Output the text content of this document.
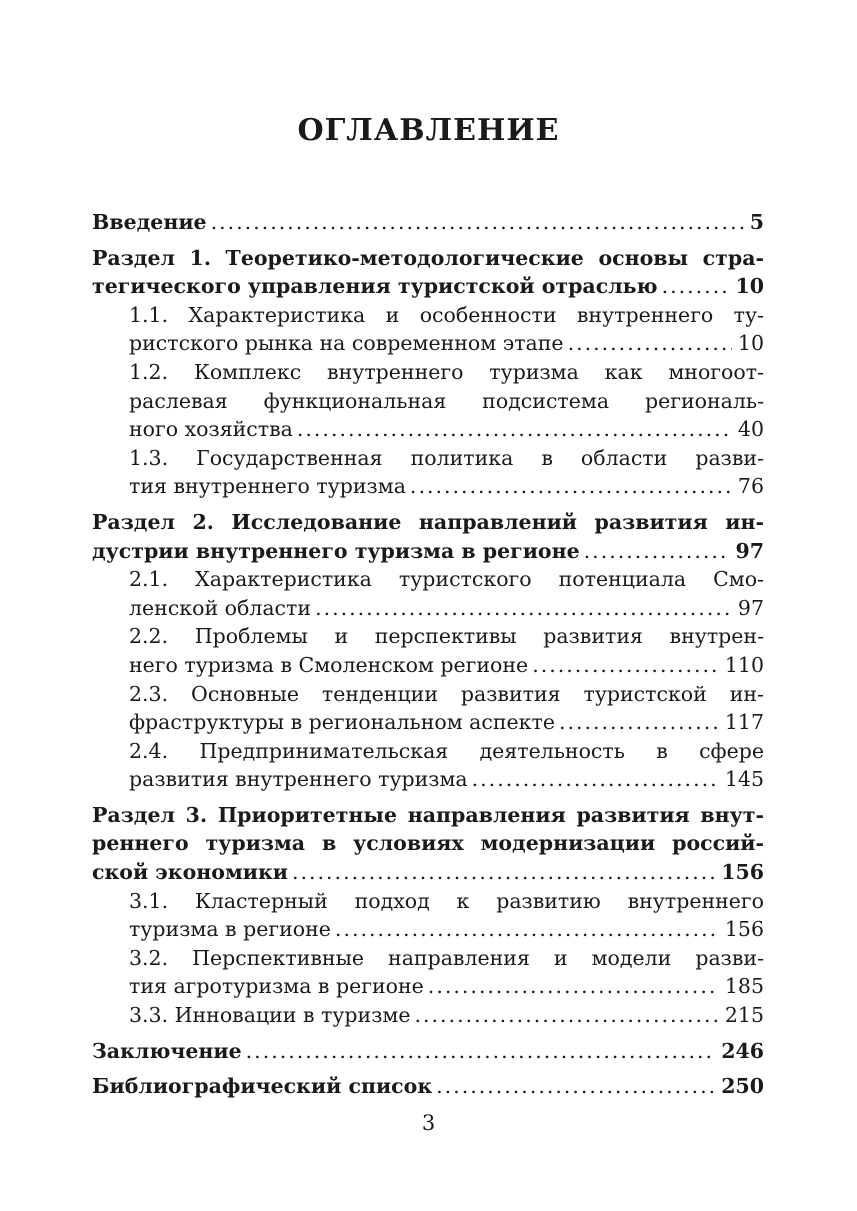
ОГЛАВЛЕНИЕ
Введение .....	5
Раздел 1. Теоретико-методологические основы стра-
тегического управления туристской отраслью .....	10
1.1. Характеристика и особенности внутреннего ту-
ристского рынка на современном этапе .....	10
1.2. Комплекс внутреннего туризма как многоот-
раслевая функциональная подсистема региональ-
ного хозяйства .....	40
1.3. Государственная политика в области разви-
тия внутреннего туризма .....	76
Раздел 2. Исследование направлений развития ин-
дустрии внутреннего туризма в регионе .....	97
2.1. Характеристика туристского потенциала Смо-
ленской области .....	97
2.2. Проблемы и перспективы развития внутрен-
него туризма в Смоленском регионе .....	110
2.3. Основные тенденции развития туристской ин-
фраструктуры в региональном аспекте .....	117
2.4. Предпринимательская деятельность в сфере
развития внутреннего туризма .....	145
Раздел 3. Приоритетные направления развития внут-
реннего туризма в условиях модернизации россий-
ской экономики .....	156
3.1. Кластерный подход к развитию внутреннего
туризма в регионе .....	156
3.2. Перспективные направления и модели разви-
тия агротуризма в регионе .....	185
3.3. Инновации в туризме .....	215
Заключение .....	246
Библиографический список .....	250
3
